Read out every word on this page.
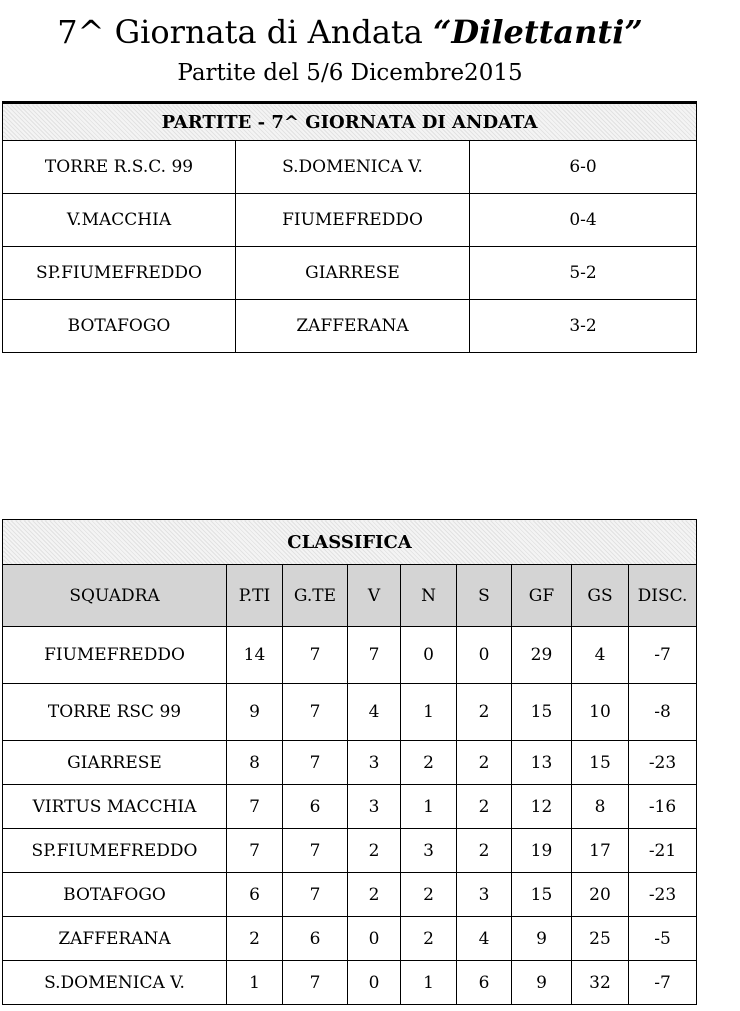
7^ Giornata di Andata “Dilettanti”
Partite del 5/6 Dicembre2015
PARTITE - 7^ GIORNATA DI ANDATA		
TORRE R.S.C. 99	S.DOMENICA V.	6-0
V.MACCHIA	FIUMEFREDDO	0-4
SP.FIUMEFREDDO	GIARRESE	5-2
BOTAFOGO	ZAFFERANA	3-2
CLASSIFICA								
SQUADRA	P.TI	G.TE	V	N	S	GF	GS	DISC.
FIUMEFREDDO	14	7	7	0	0	29	4	-7
TORRE RSC 99	9	7	4	1	2	15	10	-8
GIARRESE	8	7	3	2	2	13	15	-23
VIRTUS MACCHIA	7	6	3	1	2	12	8	-16
SP.FIUMEFREDDO	7	7	2	3	2	19	17	-21
BOTAFOGO	6	7	2	2	3	15	20	-23
ZAFFERANA	2	6	0	2	4	9	25	-5
S.DOMENICA V.	1	7	0	1	6	9	32	-7
